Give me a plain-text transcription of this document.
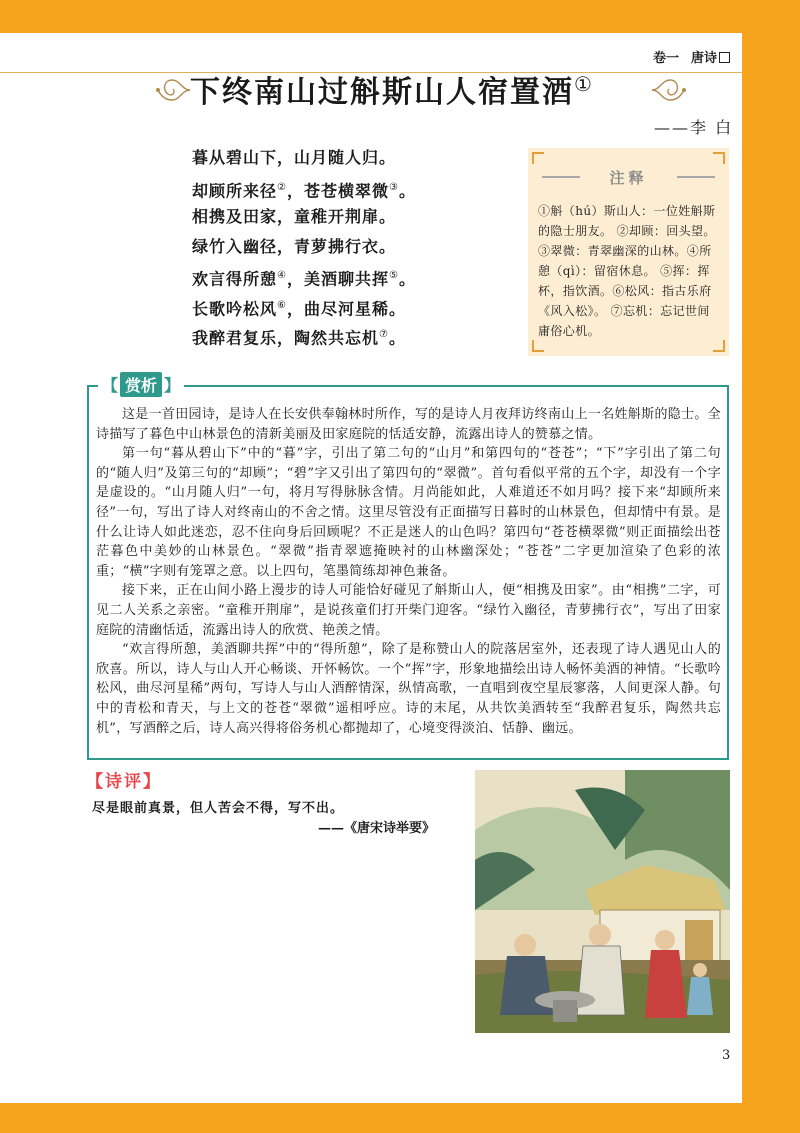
卷一 唐诗
下终南山过斛斯山人宿置酒①
——李 白
暮从碧山下，山月随人归。
却顾所来径②，苍苍横翠微③。
相携及田家，童稚开荆扉。
绿竹入幽径，青萝拂行衣。
欢言得所憩④，美酒聊共挥⑤。
长歌吟松风⑥，曲尽河星稀。
我醉君复乐，陶然共忘机⑦。
注释
①斛（hú）斯山人：一位姓斛斯的隐士朋友。 ②却顾：回头望。③翠微：青翠幽深的山林。④所憩（qì）：留宿休息。 ⑤挥：挥杯，指饮酒。⑥松风：指古乐府《风入松》。 ⑦忘机：忘记世间庸俗心机。
【 赏析 】

这是一首田园诗，是诗人在长安供奉翰林时所作，写的是诗人月夜拜访终南山上一名姓斛斯的隐士。全诗描写了暮色中山林景色的清新美丽及田家庭院的恬适安静，流露出诗人的赞慕之情。

第一句“暮从碧山下”中的“暮”字，引出了第二句的“山月”和第四句的“苍苍”；“下”字引出了第二句的“随人归”及第三句的“却顾”；“碧”字又引出了第四句的“翠微”。首句看似平常的五个字，却没有一个字是虚设的。“山月随人归”一句，将月写得脉脉含情。月尚能如此，人难道还不如月吗？接下来“却顾所来径”一句，写出了诗人对终南山的不舍之情。这里尽管没有正面描写日暮时的山林景色，但却情中有景。是什么让诗人如此迷恋，忍不住向身后回顾呢？不正是迷人的山色吗？第四句“苍苍横翠微”则正面描绘出苍茫暮色中美妙的山林景色。“翠微”指青翠遮掩映衬的山林幽深处；“苍苍”二字更加渲染了色彩的浓重；“横”字则有笼罩之意。以上四句，笔墨简练却神色兼备。

接下来，正在山间小路上漫步的诗人可能恰好碰见了斛斯山人，便“相携及田家”。由“相携”二字，可见二人关系之亲密。“童稚开荆扉”，是说孩童们打开柴门迎客。“绿竹入幽径，青萝拂行衣”，写出了田家庭院的清幽恬适，流露出诗人的欣赏、艳羡之情。

“欢言得所憩，美酒聊共挥”中的“得所憩”，除了是称赞山人的院落居室外，还表现了诗人遇见山人的欣喜。所以，诗人与山人开心畅谈、开怀畅饮。一个“挥”字，形象地描绘出诗人畅怀美酒的神情。“长歌吟松风，曲尽河星稀”两句，写诗人与山人酒醉情深，纵情高歌，一直唱到夜空星辰寥落，人间更深人静。句中的青松和青天，与上文的苍苍“翠微”遥相呼应。诗的末尾，从共饮美酒转至“我醉君复乐，陶然共忘机”，写酒醉之后，诗人高兴得将俗务机心都抛却了，心境变得淡泊、恬静、幽远。

【诗评】
尽是眼前真景，但人苦会不得，写不出。
——《唐宋诗举要》
3
